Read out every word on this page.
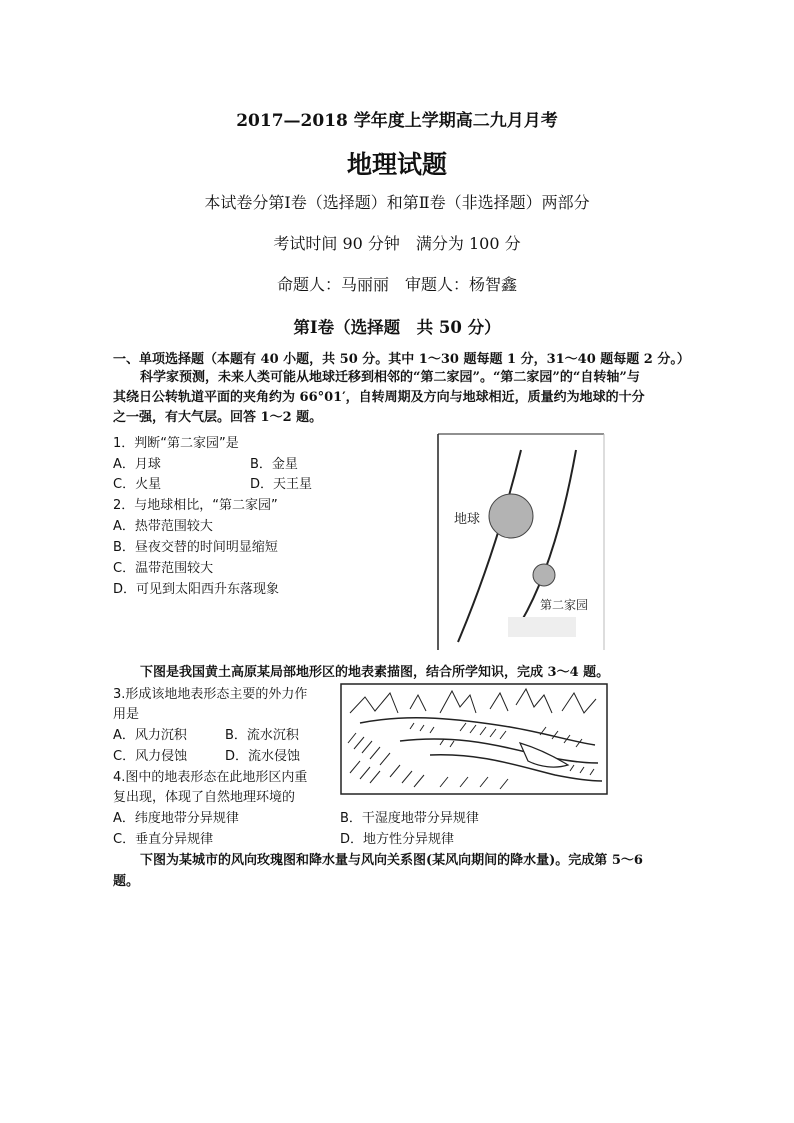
2017—2018 学年度上学期高二九月月考
地理试题
本试卷分第Ⅰ卷（选择题）和第Ⅱ卷（非选择题）两部分
考试时间 90 分钟　满分为 100 分
命题人：马丽丽　审题人：杨智鑫
第Ⅰ卷（选择题　共 50 分）
一、单项选择题（本题有 40 小题，共 50 分。其中 1～30 题每题 1 分，31～40 题每题 2 分。）
科学家预测，未来人类可能从地球迁移到相邻的“第二家园”。“第二家园”的“自转轴”与
其绕日公转轨道平面的夹角约为 66°01′，自转周期及方向与地球相近，质量约为地球的十分
之一强，有大气层。回答 1～2 题。
1．判断“第二家园”是
A．月球	B．金星
C．火星	D．天王星
2．与地球相比，“第二家园”
A．热带范围较大
B．昼夜交替的时间明显缩短
C．温带范围较大
D．可见到太阳西升东落现象
地球
第二家园
下图是我国黄土高原某局部地形区的地表素描图，结合所学知识，完成 3～4 题。
3.形成该地地表形态主要的外力作
用是
A．风力沉积	B．流水沉积
C．风力侵蚀	D．流水侵蚀
4.图中的地表形态在此地形区内重
复出现，体现了自然地理环境的
A．纬度地带分异规律	B．干湿度地带分异规律
C．垂直分异规律	D．地方性分异规律
下图为某城市的风向玫瑰图和降水量与风向关系图(某风向期间的降水量)。完成第 5～6
题。
